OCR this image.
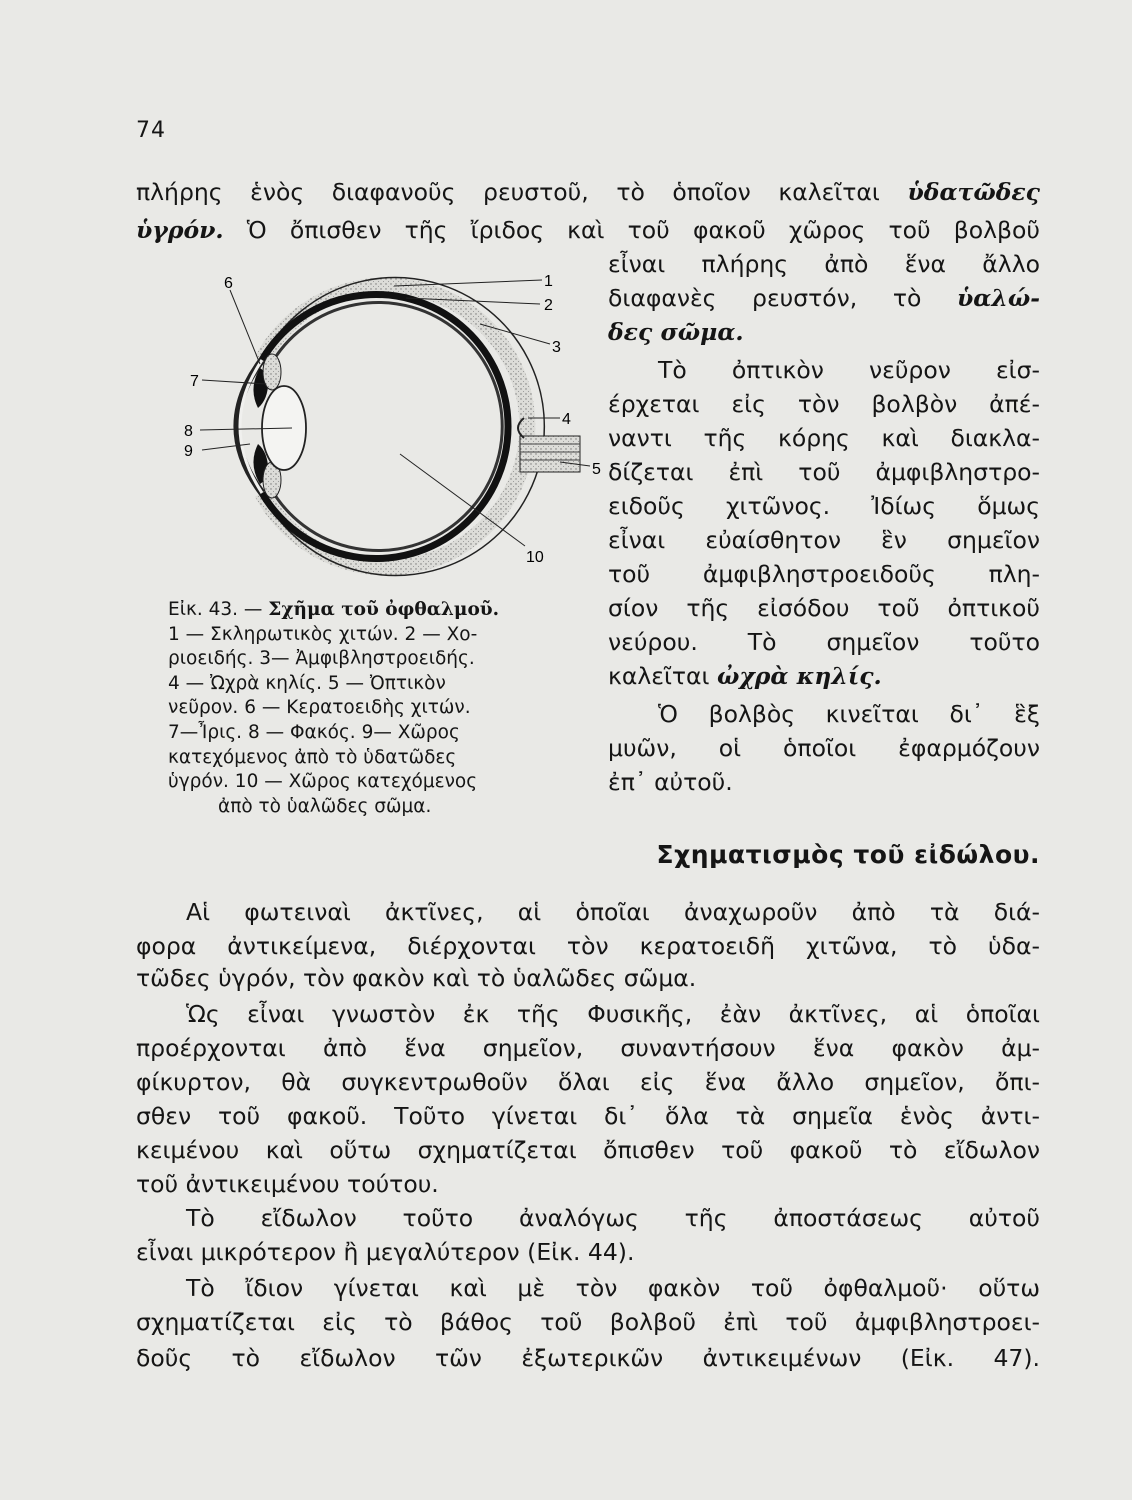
74
πλήρης ἑνὸς διαφανοῦς ρευστοῦ, τὸ ὁποῖον καλεῖται ὑδατῶδες
ὑγρόν. Ὁ ὄπισθεν τῆς ἴριδος καὶ τοῦ φακοῦ χῶρος τοῦ βολβοῦ
εἶναι πλήρης ἀπὸ ἕνα ἄλλο
διαφανὲς ρευστόν, τὸ ὑαλώ-
δες σῶμα.
Τὸ ὀπτικὸν νεῦρον εἰσ-
έρχεται εἰς τὸν βολβὸν ἀπέ-
ναντι τῆς κόρης καὶ διακλα-
δίζεται ἐπὶ τοῦ ἀμφιβληστρο-
ειδοῦς χιτῶνος. Ἰδίως ὅμως
εἶναι εὐαίσθητον ἓν σημεῖον
τοῦ ἀμφιβληστροειδοῦς πλη-
σίον τῆς εἰσόδου τοῦ ὀπτικοῦ
νεύρου. Τὸ σημεῖον τοῦτο
καλεῖται ὠχρὰ κηλίς.
Ὁ βολβὸς κινεῖται δι᾽ ἓξ
μυῶν, οἱ ὁποῖοι ἐφαρμόζουν
ἐπ᾽ αὐτοῦ.
1
2
3
4
5
6
7
8
9
10
Εἰκ. 43. — Σχῆμα τοῦ ὀφθαλμοῦ.
1 — Σκληρωτικὸς χιτών. 2 — Χο-
ριοειδής. 3— Ἀμφιβληστροειδής.
4 — Ὠχρὰ κηλίς. 5 — Ὀπτικὸν
νεῦρον. 6 — Κερατοειδὴς χιτών.
7—Ἶρις. 8 — Φακός. 9— Χῶρος
κατεχόμενος ἀπὸ τὸ ὑδατῶδες
ὑγρόν. 10 — Χῶρος κατεχόμενος
ἀπὸ τὸ ὑαλῶδες σῶμα.
Σχηματισμὸς τοῦ εἰδώλου.
Αἱ φωτειναὶ ἀκτῖνες, αἱ ὁποῖαι ἀναχωροῦν ἀπὸ τὰ διά-
φορα ἀντικείμενα, διέρχονται τὸν κερατοειδῆ χιτῶνα, τὸ ὑδα-
τῶδες ὑγρόν, τὸν φακὸν καὶ τὸ ὑαλῶδες σῶμα.
Ὡς εἶναι γνωστὸν ἐκ τῆς Φυσικῆς, ἐὰν ἀκτῖνες, αἱ ὁποῖαι
προέρχονται ἀπὸ ἕνα σημεῖον, συναντήσουν ἕνα φακὸν ἀμ-
φίκυρτον, θὰ συγκεντρωθοῦν ὅλαι εἰς ἕνα ἄλλο σημεῖον, ὄπι-
σθεν τοῦ φακοῦ. Τοῦτο γίνεται δι᾽ ὅλα τὰ σημεῖα ἑνὸς ἀντι-
κειμένου καὶ οὕτω σχηματίζεται ὄπισθεν τοῦ φακοῦ τὸ εἴδωλον
τοῦ ἀντικειμένου τούτου.
Τὸ εἴδωλον τοῦτο ἀναλόγως τῆς ἀποστάσεως αὐτοῦ
εἶναι μικρότερον ἢ μεγαλύτερον (Εἰκ. 44).
Τὸ ἴδιον γίνεται καὶ μὲ τὸν φακὸν τοῦ ὀφθαλμοῦ· οὕτω
σχηματίζεται εἰς τὸ βάθος τοῦ βολβοῦ ἐπὶ τοῦ ἀμφιβληστροει-
δοῦς τὸ εἴδωλον τῶν ἐξωτερικῶν ἀντικειμένων (Εἰκ. 47).
